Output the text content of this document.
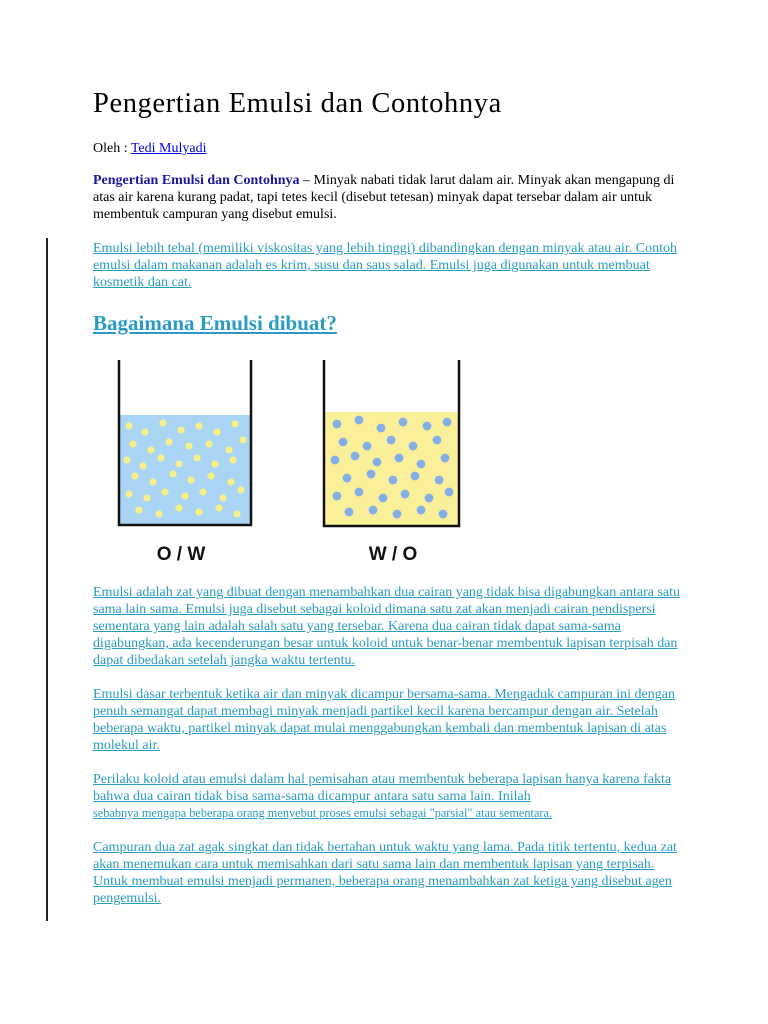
Pengertian Emulsi dan Contohnya
Oleh : Tedi Mulyadi

Pengertian Emulsi dan Contohnya – Minyak nabati tidak larut dalam air. Minyak akan mengapung di atas air karena kurang padat, tapi tetes kecil (disebut tetesan) minyak dapat tersebar dalam air untuk membentuk campuran yang disebut emulsi.

Emulsi lebih tebal (memiliki viskositas yang lebih tinggi) dibandingkan dengan minyak atau air. Contoh emulsi dalam makanan adalah es krim, susu dan saus salad. Emulsi juga digunakan untuk membuat kosmetik dan cat.

Bagaimana Emulsi dibuat?
O / W	W / O

Emulsi adalah zat yang dibuat dengan menambahkan dua cairan yang tidak bisa digabungkan antara satu sama lain sama. Emulsi juga disebut sebagai koloid dimana satu zat akan menjadi cairan pendispersi sementara yang lain adalah salah satu yang tersebar. Karena dua cairan tidak dapat sama-sama digabungkan, ada kecenderungan besar untuk koloid untuk benar-benar membentuk lapisan terpisah dan dapat dibedakan setelah jangka waktu tertentu.

Emulsi dasar terbentuk ketika air dan minyak dicampur bersama-sama. Mengaduk campuran ini dengan penuh semangat dapat membagi minyak menjadi partikel kecil karena bercampur dengan air. Setelah beberapa waktu, partikel minyak dapat mulai menggabungkan kembali dan membentuk lapisan di atas molekul air.

Perilaku koloid atau emulsi dalam hal pemisahan atau membentuk beberapa lapisan hanya karena fakta bahwa dua cairan tidak bisa sama-sama dicampur antara satu sama lain. Inilah
sebabnya mengapa beberapa orang menyebut proses emulsi sebagai "parsial" atau sementara.

Campuran dua zat agak singkat dan tidak bertahan untuk waktu yang lama. Pada titik tertentu, kedua zat akan menemukan cara untuk memisahkan dari satu sama lain dan membentuk lapisan yang terpisah. Untuk membuat emulsi menjadi permanen, beberapa orang menambahkan zat ketiga yang disebut agen pengemulsi.
